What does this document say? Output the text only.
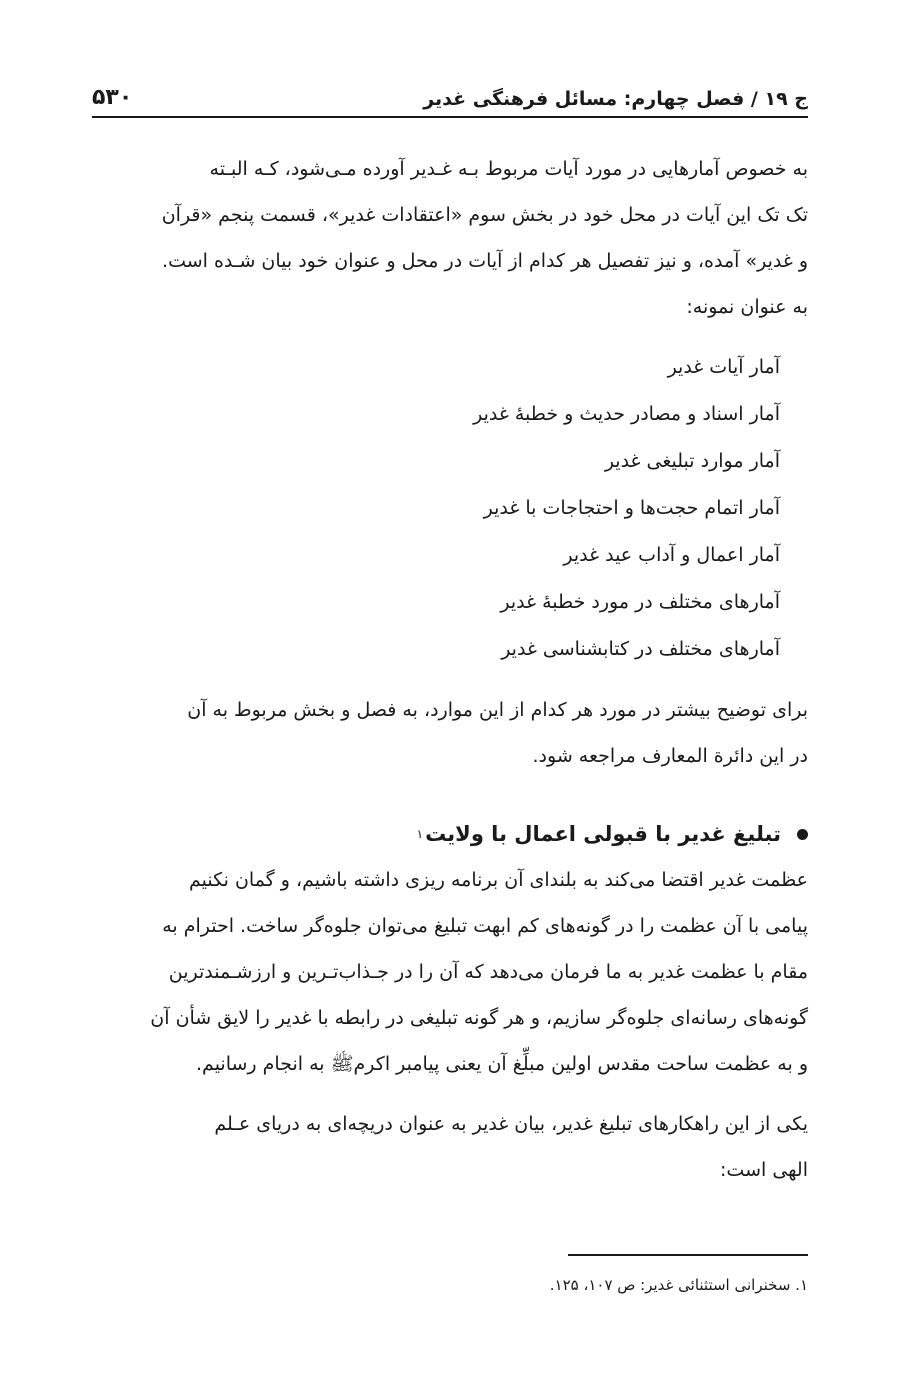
ج ۱۹ / فصل چهارم: مسائل فرهنگی غدیر
۵۳۰

به خصوص آمارهایی در مورد آیات مربوط بـه غـدیر آورده مـی‌شود، کـه البـته

تک تک این آیات در محل خود در بخش سوم «اعتقادات غدیر»، قسمت پنجم «قرآن

و غدیر» آمده، و نیز تفصیل هر کدام از آیات در محل و عنوان خود بیان شـده است.

به عنوان نمونه:

آمار آیات غدیر
آمار اسناد و مصادر حدیث و خطبهٔ غدیر
آمار موارد تبلیغی غدیر
آمار اتمام حجت‌ها و احتجاجات با غدیر
آمار اعمال و آداب عید غدیر
آمارهای مختلف در مورد خطبهٔ غدیر
آمارهای مختلف در کتابشناسی غدیر

برای توضیح بیشتر در مورد هر کدام از این موارد، به فصل و بخش مربوط به آن

در این دائرة المعارف مراجعه شود.

تبلیغ غدیر با قبولی اعمال با ولایت
۱

عظمت غدیر اقتضا می‌کند به بلندای آن برنامه ریزی داشته باشیم، و گمان نکنیم

پیامی با آن عظمت را در گونه‌های کم ابهت تبلیغ می‌توان جلوه‌گر ساخت. احترام به

مقام با عظمت غدیر به ما فرمان می‌دهد که آن را در جـذاب‌تـرین و ارزشـمندترین

گونه‌های رسانه‌ای جلوه‌گر سازیم، و هر گونه تبلیغی در رابطه با غدیر را لایق شأن آن

و به عظمت ساحت مقدس اولین مبلِّغ آن یعنی پیامبر اکرمﷺ به انجام رسانیم.

یکی از این راهکارهای تبلیغ غدیر، بیان غدیر به عنوان دریچه‌ای به دریای عـلم

الهی است:

۱. سخنرانی استثنائی غدیر: ص ۱۰۷، ۱۲۵.
